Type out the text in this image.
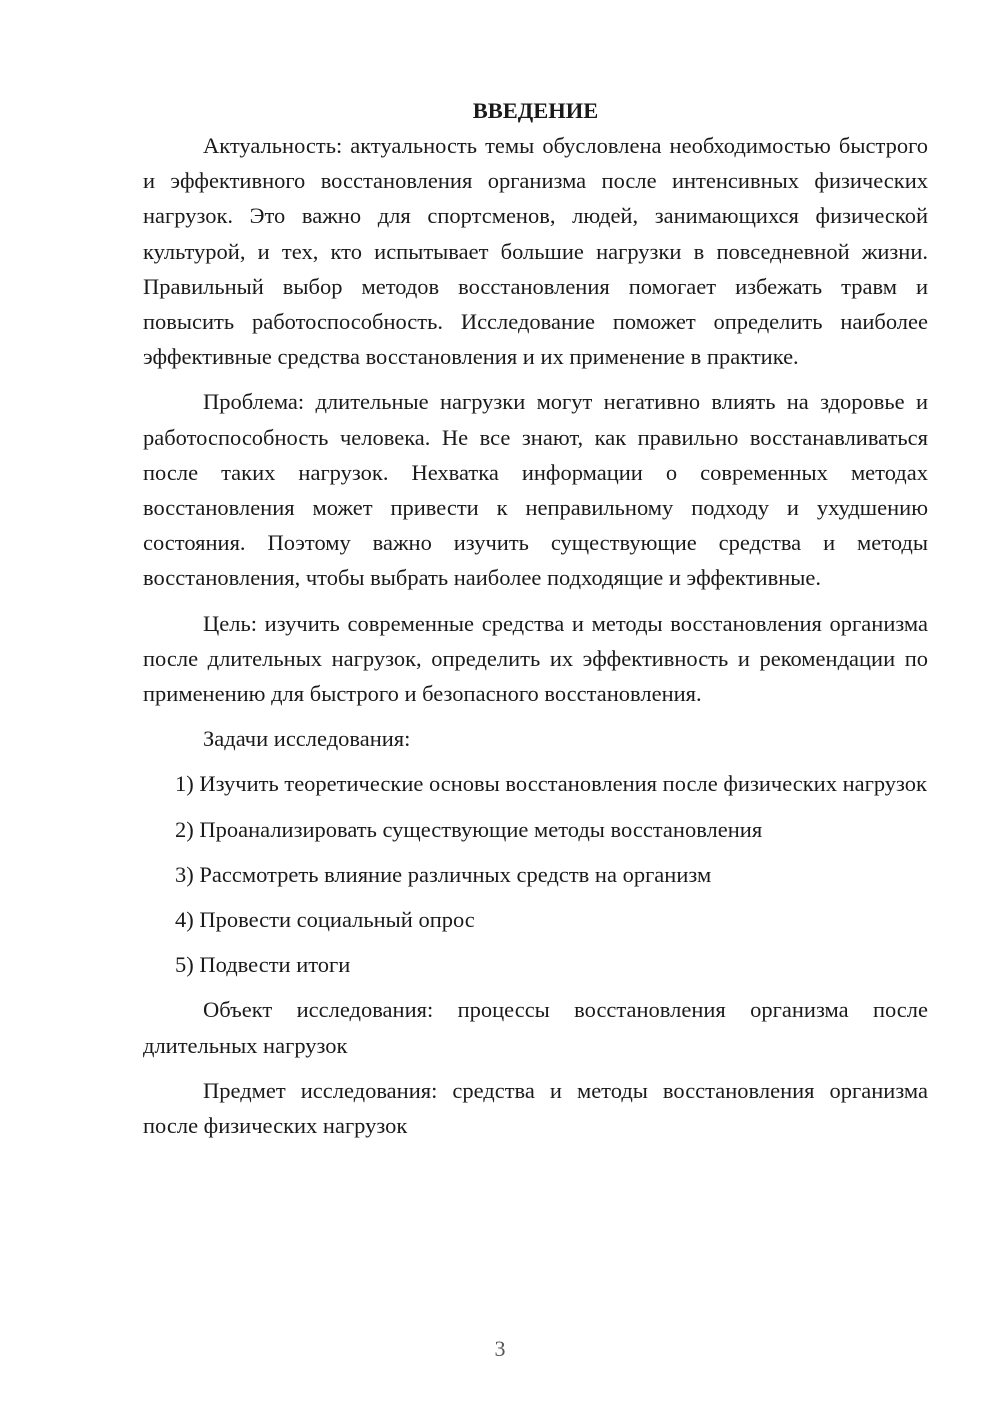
ВВЕДЕНИЕ

Актуальность: актуальность темы обусловлена необходимостью быстрого и эффективного восстановления организма после интенсивных физических нагрузок. Это важно для спортсменов, людей, занимающихся физической культурой, и тех, кто испытывает большие нагрузки в повседневной жизни. Правильный выбор методов восстановления помогает избежать травм и повысить работоспособность. Исследование поможет определить наиболее эффективные средства восстановления и их применение в практике.

Проблема: длительные нагрузки могут негативно влиять на здоровье и работоспособность человека. Не все знают, как правильно восстанавливаться после таких нагрузок. Нехватка информации о современных методах восстановления может привести к неправильному подходу и ухудшению состояния. Поэтому важно изучить существующие средства и методы восстановления, чтобы выбрать наиболее подходящие и эффективные.

Цель: изучить современные средства и методы восстановления организма после длительных нагрузок, определить их эффективность и рекомендации по применению для быстрого и безопасного восстановления.

Задачи исследования:

1) Изучить теоретические основы восстановления после физических нагрузок

2) Проанализировать существующие методы восстановления

3) Рассмотреть влияние различных средств на организм

4) Провести социальный опрос

5) Подвести итоги

Объект исследования: процессы восстановления организма после длительных нагрузок

Предмет исследования: средства и методы восстановления организма после физических нагрузок

3
